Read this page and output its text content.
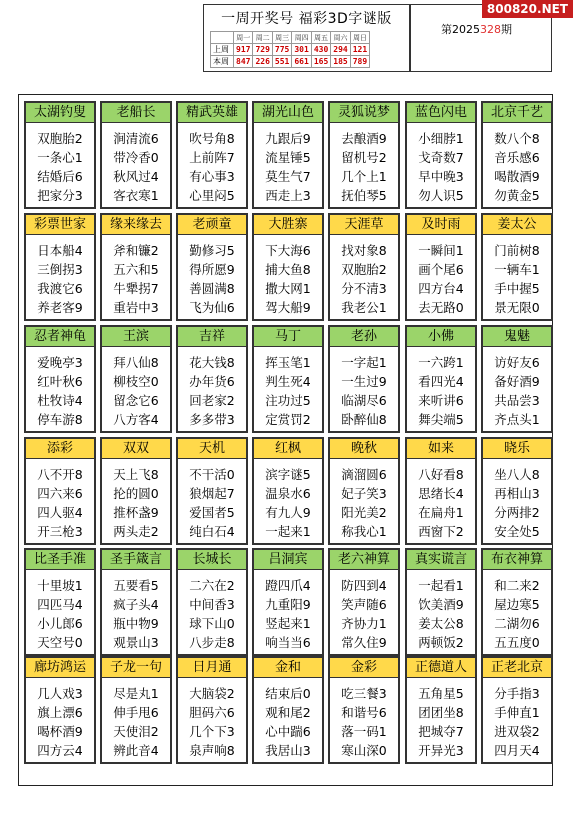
一周开奖号 福彩3D字谜版
	周一	周二	周三	周四	周五	周六	周日
上周	917	729	775	301	430	294	121
本周	847	226	551	661	165	185	789
第2025328期
800820.NET
太湖钓叟
双胞胎2
一条心1
结婚后6
把家分3
老船长
涧清流6
带冷香0
秋风过4
客衣寒1
精武英雄
吹号角8
上前阵7
有心事3
心里闷5
湖光山色
九跟后9
流星锤5
莫生气7
西走上3
灵狐说梦
去酿酒9
留机号2
几个上1
抚伯琴5
蓝色闪电
小细脖1
戈奇数7
早中晚3
勿人识5
北京千艺
数八个8
音乐感6
喝散酒9
勿黄金5
彩票世家
日本船4
三倒拐3
我渡它6
养老客9
缘来缘去
斧和镰2
五六和5
牛犟拐7
重岩中3
老顽童
勤修习5
得所愿9
善圆满8
飞为仙6
大胜寨
下大海6
捕大鱼8
撒大网1
驾大船9
天涯草
找对象8
双胞胎2
分不清3
我老公1
及时雨
一瞬间1
画个尾6
四方台4
去无路0
姜太公
门前树8
一辆车1
手中握5
景无限0
忍者神龟
爱晚亭3
红叶秋6
杜牧诗4
停车游8
王滨
拜八仙8
柳枝空0
留念它6
八方客4
吉祥
花大钱8
办年货6
回老家2
多多带3
马丁
挥玉笔1
判生死4
注功过5
定赏罚2
老孙
一字起1
一生过9
临湖尽6
卧醉仙8
小佛
一六跨1
看四光4
来听讲6
舞尖端5
鬼魅
访好友6
备好酒9
共品尝3
齐点头1
添彩
八不开8
四六来6
四人驱4
开三枪3
双双
天上飞8
抡的圆0
推杯盏9
两头走2
天机
不干活0
狼烟起7
爱国者5
纯白石4
红枫
滨字谜5
温泉水6
有九人9
一起来1
晚秋
滴溜圆6
妃子笑3
阳光美2
称我心1
如来
八好看8
思绪长4
在扁舟1
西窗下2
晓乐
坐八人8
再相山3
分两排2
安全处5
比圣手准
十里坡1
四匹马4
小儿郎6
天空号0
圣手箴言
五要看5
疯子头4
瓶中物9
观景山3
长城长
二六在2
中间香3
球下山0
八步走8
吕洞宾
蹬四爪4
九重阳9
竖起来1
响当当6
老六神算
防四到4
笑声随6
齐协力1
常久住9
真实谎言
一起看1
饮美酒9
姜太公8
两顿饭2
布衣神算
和二来2
屋边寒5
二湖勿6
五五度0
廊坊鸿运
几人戏3
旗上漂6
喝杯酒9
四方云4
子龙一句
尽是丸1
伸手甩6
天使泪2
辨此音4
日月通
大脑袋2
胆码六6
几个下3
泉声响8
金和
结束后0
观和尾2
心中踹6
我居山3
金彩
吃三餐3
和谐号6
落一码1
寒山深0
正德道人
五角星5
团团坐8
把城夺7
开异光3
正老北京
分手指3
手伸直1
进双袋2
四月天4
